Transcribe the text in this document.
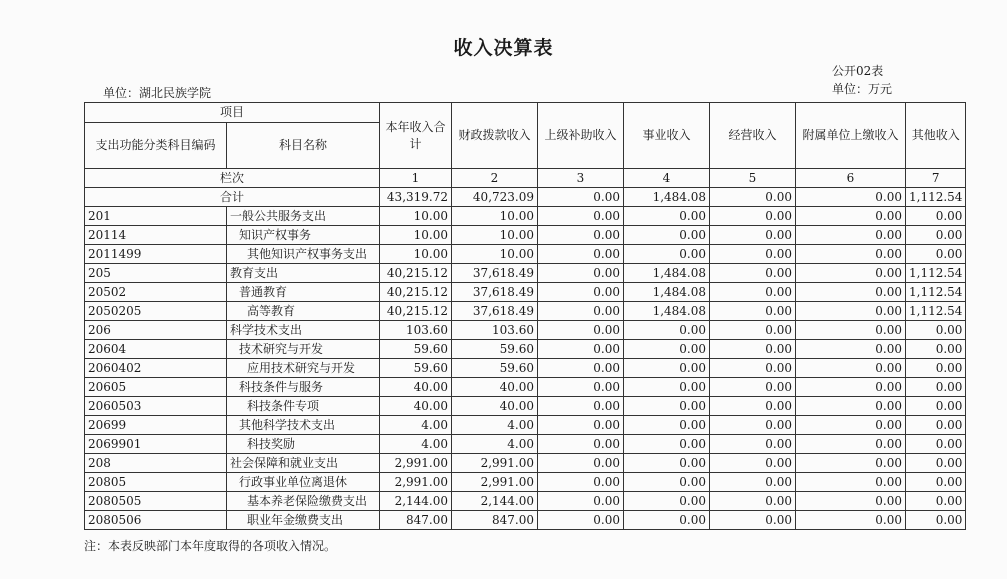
收入决算表
公开02表
单位：湖北民族学院	单位：万元
项目		本年收入合计	财政拨款收入	上级补助收入	事业收入	经营收入	附属单位上缴收入	其他收入
支出功能分类科目编码	科目名称							
栏次		1	2	3	4	5	6	7
合计		43,319.72	40,723.09	0.00	1,484.08	0.00	0.00	1,112.54
201	一般公共服务支出	10.00	10.00	0.00	0.00	0.00	0.00	0.00
20114	知识产权事务	10.00	10.00	0.00	0.00	0.00	0.00	0.00
2011499	其他知识产权事务支出	10.00	10.00	0.00	0.00	0.00	0.00	0.00
205	教育支出	40,215.12	37,618.49	0.00	1,484.08	0.00	0.00	1,112.54
20502	普通教育	40,215.12	37,618.49	0.00	1,484.08	0.00	0.00	1,112.54
2050205	高等教育	40,215.12	37,618.49	0.00	1,484.08	0.00	0.00	1,112.54
206	科学技术支出	103.60	103.60	0.00	0.00	0.00	0.00	0.00
20604	技术研究与开发	59.60	59.60	0.00	0.00	0.00	0.00	0.00
2060402	应用技术研究与开发	59.60	59.60	0.00	0.00	0.00	0.00	0.00
20605	科技条件与服务	40.00	40.00	0.00	0.00	0.00	0.00	0.00
2060503	科技条件专项	40.00	40.00	0.00	0.00	0.00	0.00	0.00
20699	其他科学技术支出	4.00	4.00	0.00	0.00	0.00	0.00	0.00
2069901	科技奖励	4.00	4.00	0.00	0.00	0.00	0.00	0.00
208	社会保障和就业支出	2,991.00	2,991.00	0.00	0.00	0.00	0.00	0.00
20805	行政事业单位离退休	2,991.00	2,991.00	0.00	0.00	0.00	0.00	0.00
2080505	基本养老保险缴费支出	2,144.00	2,144.00	0.00	0.00	0.00	0.00	0.00
2080506	职业年金缴费支出	847.00	847.00	0.00	0.00	0.00	0.00	0.00
注：本表反映部门本年度取得的各项收入情况。
